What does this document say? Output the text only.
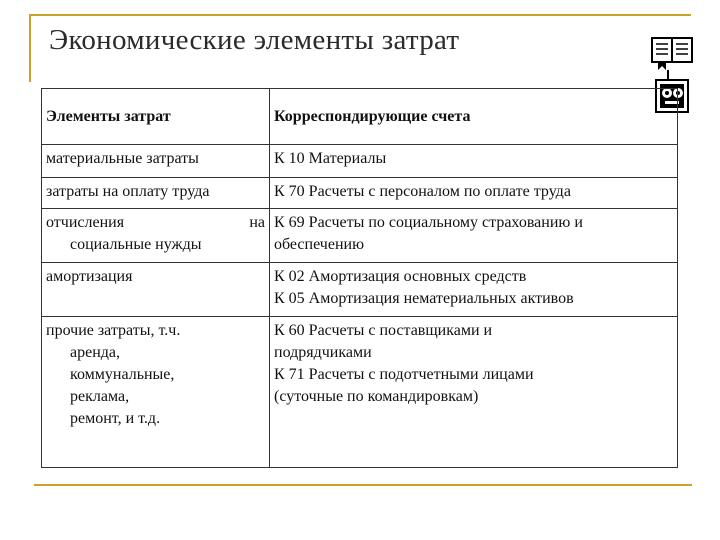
Экономические элементы затрат
Элементы затрат	Корреспондирующие счета
материальные затраты	К 10 Материалы
затраты на оплату труда	К 70 Расчеты с персоналом по оплате труда

отчисления на
социальные нужды	К 69 Расчеты по социальному страхованию и
обеспечению

амортизация	К 02 Амортизация основных средств
К 05 Амортизация нематериальных активов

прочие затраты, т.ч.
аренда,
коммунальные,
реклама,
ремонт, и т.д.	К 60 Расчеты с поставщиками и
подрядчиками
К 71 Расчеты с подотчетными лицами
(суточные по командировкам)
